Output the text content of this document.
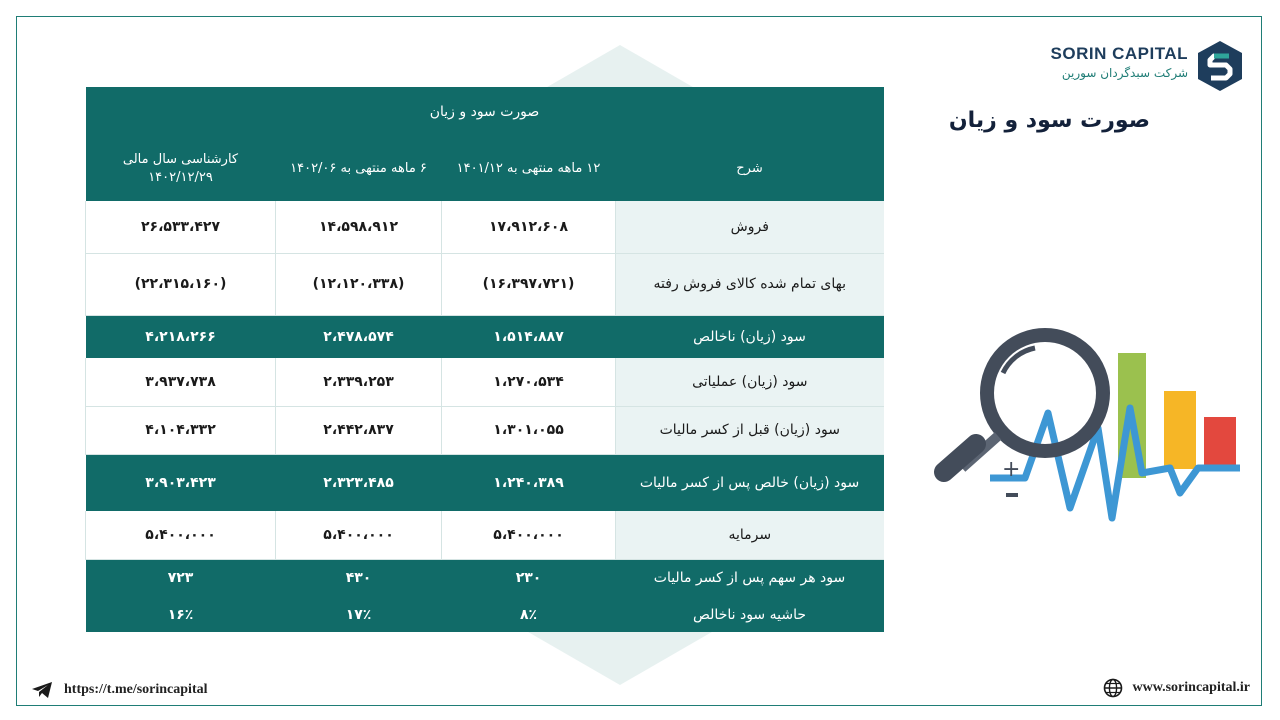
SORIN CAPITAL
شرکت سبدگردان سورین
صورت سود و زیان
صورت سود و زیان			
شرح	۱۲ ماهه منتهی به ۱۴۰۱/۱۲	۶ ماهه منتهی به ۱۴۰۲/۰۶	کارشناسی سال مالی ۱۴۰۲/۱۲/۲۹
فروش	۱۷،۹۱۲،۶۰۸	۱۴،۵۹۸،۹۱۲	۲۶،۵۳۳،۴۲۷
بهای تمام شده کالای فروش رفته	(۱۶،۳۹۷،۷۲۱)	(۱۲،۱۲۰،۳۳۸)	(۲۲،۳۱۵،۱۶۰)
سود (زیان) ناخالص	۱،۵۱۴،۸۸۷	۲،۴۷۸،۵۷۴	۴،۲۱۸،۲۶۶
سود (زیان) عملیاتی	۱،۲۷۰،۵۳۴	۲،۳۳۹،۲۵۳	۳،۹۳۷،۷۳۸
سود (زیان) قبل از کسر مالیات	۱،۳۰۱،۰۵۵	۲،۴۴۲،۸۳۷	۴،۱۰۴،۳۳۲
سود (زیان) خالص پس از کسر مالیات	۱،۲۴۰،۳۸۹	۲،۳۲۳،۴۸۵	۳،۹۰۳،۴۲۳
سرمایه	۵،۴۰۰،۰۰۰	۵،۴۰۰،۰۰۰	۵،۴۰۰،۰۰۰
سود هر سهم پس از کسر مالیات	۲۳۰	۴۳۰	۷۲۳
حاشیه سود ناخالص	۸٪	۱۷٪	۱۶٪
+
https://t.me/sorincapital	www.sorincapital.ir
